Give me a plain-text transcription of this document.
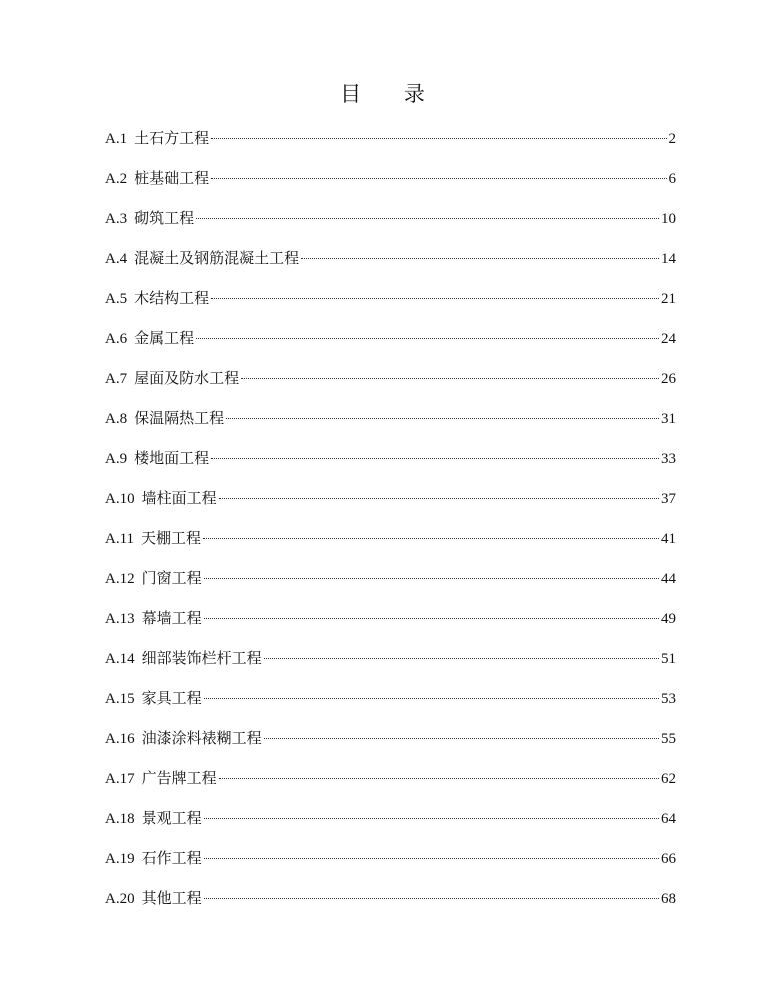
目 录
A.1 土石方工程	2
A.2 桩基础工程	6
A.3 砌筑工程	10
A.4 混凝土及钢筋混凝土工程	14
A.5 木结构工程	21
A.6 金属工程	24
A.7 屋面及防水工程	26
A.8 保温隔热工程	31
A.9 楼地面工程	33
A.10 墙柱面工程	37
A.11 天棚工程	41
A.12 门窗工程	44
A.13 幕墙工程	49
A.14 细部装饰栏杆工程	51
A.15 家具工程	53
A.16 油漆涂料裱糊工程	55
A.17 广告牌工程	62
A.18 景观工程	64
A.19 石作工程	66
A.20 其他工程	68
